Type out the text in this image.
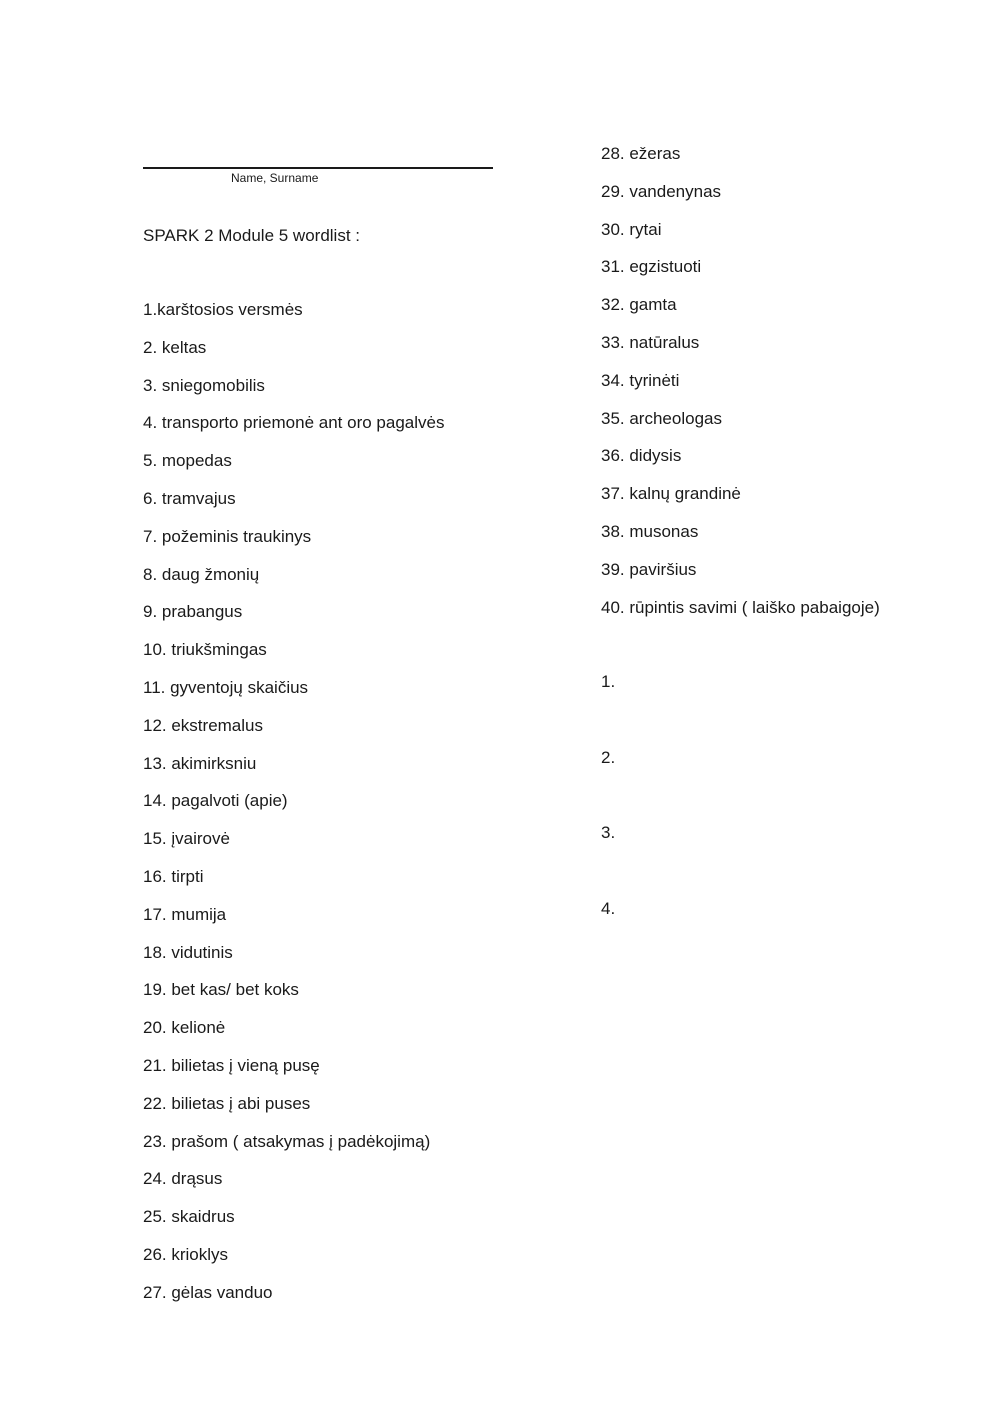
Name, Surname
SPARK 2 Module 5 wordlist :
1.karštosios versmės
2. keltas
3. sniegomobilis
4. transporto priemonė ant oro pagalvės
5. mopedas
6. tramvajus
7. požeminis traukinys
8. daug žmonių
9. prabangus
10. triukšmingas
11. gyventojų skaičius
12. ekstremalus
13. akimirksniu
14. pagalvoti (apie)
15. įvairovė
16. tirpti
17. mumija
18. vidutinis
19. bet kas/ bet koks
20. kelionė
21. bilietas į vieną pusę
22. bilietas į abi puses
23. prašom ( atsakymas į padėkojimą)
24. drąsus
25. skaidrus
26. krioklys
27. gėlas vanduo
28. ežeras
29. vandenynas
30. rytai
31. egzistuoti
32. gamta
33. natūralus
34. tyrinėti
35. archeologas
36. didysis
37. kalnų grandinė
38. musonas
39. paviršius
40. rūpintis savimi ( laiško pabaigoje)
1.
2.
3.
4.
